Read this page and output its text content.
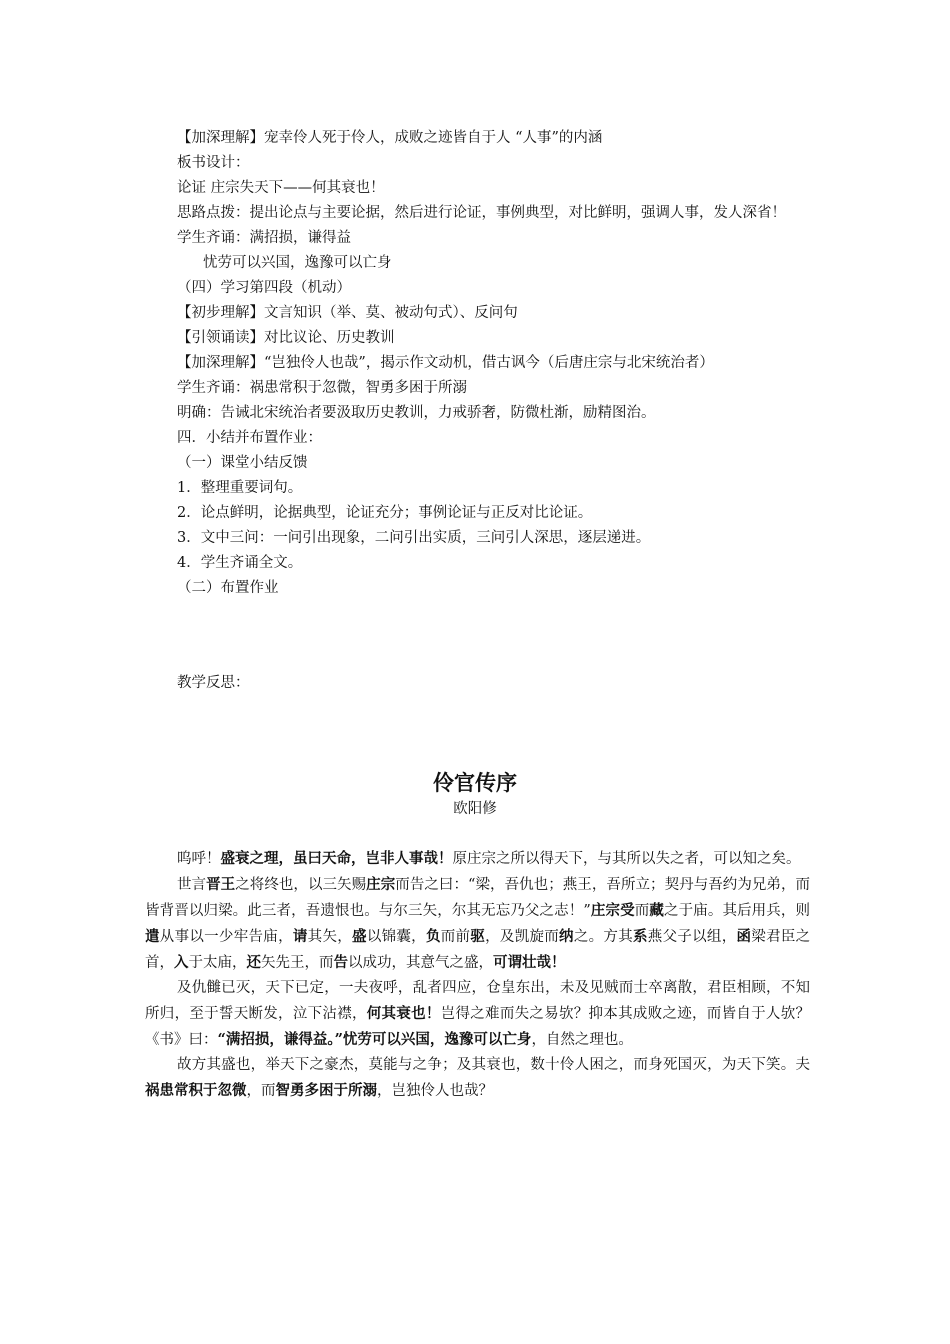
【加深理解】宠幸伶人死于伶人，成败之迹皆自于人 “人事”的内涵
板书设计：
论证 庄宗失天下——何其衰也！
思路点拨：提出论点与主要论据，然后进行论证，事例典型，对比鲜明，强调人事，发人深省！
学生齐诵：满招损，谦得益
忧劳可以兴国，逸豫可以亡身
（四）学习第四段（机动）
【初步理解】文言知识（举、莫、被动句式）、反问句
【引领诵读】对比议论、历史教训
【加深理解】“岂独伶人也哉”，揭示作文动机，借古讽今（后唐庄宗与北宋统治者）
学生齐诵：祸患常积于忽微，智勇多困于所溺
明确：告诫北宋统治者要汲取历史教训，力戒骄奢，防微杜渐，励精图治。
四．小结并布置作业：
（一）课堂小结反馈
1．整理重要词句。
2．论点鲜明，论据典型，论证充分；事例论证与正反对比论证。
3．文中三问：一问引出现象，二问引出实质，三问引人深思，逐层递进。
4．学生齐诵全文。
（二）布置作业
教学反思：
伶官传序
欧阳修

呜呼！盛衰之理，虽曰天命，岂非人事哉！原庄宗之所以得天下，与其所以失之者，可以知之矣。

世言晋王之将终也，以三矢赐庄宗而告之曰：“梁，吾仇也；燕王，吾所立；契丹与吾约为兄弟，而皆背晋以归梁。此三者，吾遗恨也。与尔三矢，尔其无忘乃父之志！”庄宗受而藏之于庙。其后用兵，则遣从事以一少牢告庙，请其矢，盛以锦囊，负而前驱，及凯旋而纳之。方其系燕父子以组，函梁君臣之首，入于太庙，还矢先王，而告以成功，其意气之盛，可谓壮哉！

及仇雠已灭，天下已定，一夫夜呼，乱者四应，仓皇东出，未及见贼而士卒离散，君臣相顾，不知所归，至于誓天断发，泣下沾襟，何其衰也！岂得之难而失之易欤？抑本其成败之迹，而皆自于人欤？《书》曰：“满招损，谦得益。”忧劳可以兴国，逸豫可以亡身，自然之理也。

故方其盛也，举天下之豪杰，莫能与之争；及其衰也，数十伶人困之，而身死国灭，为天下笑。夫祸患常积于忽微，而智勇多困于所溺，岂独伶人也哉？
